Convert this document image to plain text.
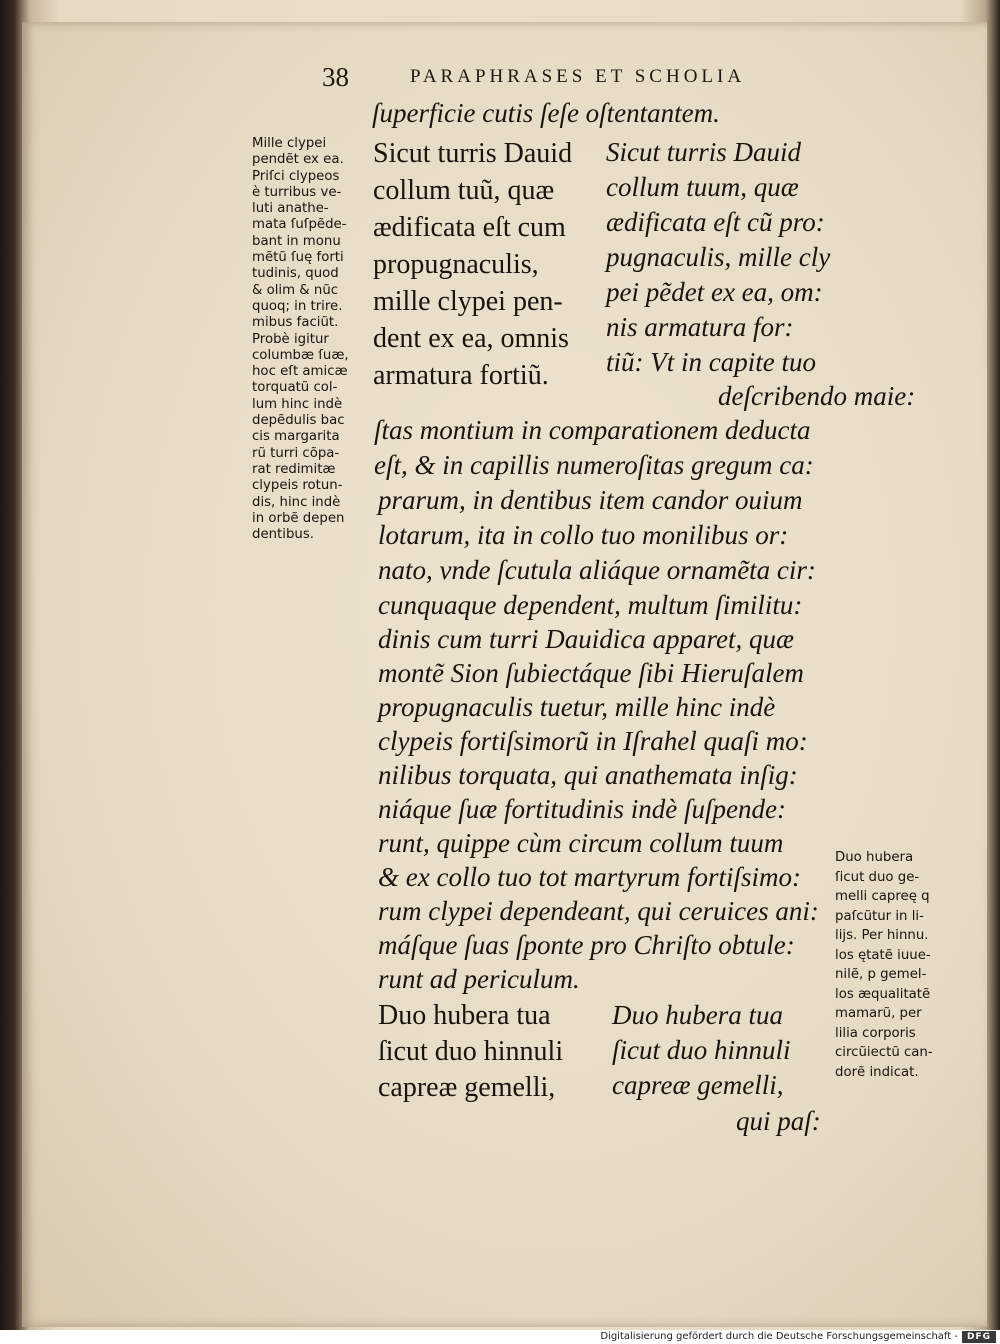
38	PARAPHRASES ET SCHOLIA
ſuperficie cutis ſeſe oſtentantem.
Sicut turris Dauid
collum tuũ, quæ
ædificata eſt cum
propugnaculis,
mille clypei pen-
dent ex ea, omnis
armatura fortiũ.
Sicut turris Dauid
collum tuum, quæ
ædificata eſt cũ pro:
pugnaculis, mille cly
pei pẽdet ex ea, om:
nis armatura for:
tiũ: Vt in capite tuo
deſcribendo maie:
ſtas montium in comparationem deducta
eſt, & in capillis numeroſitas gregum ca:
prarum, in dentibus item candor ouium
lotarum, ita in collo tuo monilibus or:
nato, vnde ſcutula aliáque ornamẽta cir:
cunquaque dependent, multum ſimilitu:
dinis cum turri Dauidica apparet, quæ
montẽ Sion ſubiectáque ſibi Hieruſalem
propugnaculis tuetur, mille hinc indè
clypeis fortiſsimorũ in Iſrahel quaſi mo:
nilibus torquata, qui anathemata inſig:
niáque ſuæ fortitudinis indè ſuſpende:
runt, quippe cùm circum collum tuum
& ex collo tuo tot martyrum fortiſsimo:
rum clypei dependeant, qui ceruices ani:
máſque ſuas ſponte pro Chriſto obtule:
runt ad periculum.
Duo hubera tua
ſicut duo hinnuli
capreæ gemelli,
Duo hubera tua
ſicut duo hinnuli
capreæ gemelli,
qui paſ:
Mille clypei
pendẽt ex ea.
Priſci clypeos
è turribus ve-
luti anathe-
mata ſuſpẽde-
bant in monu
mẽtũ ſuę forti
tudinis, quod
& olim & nũc
quoq; in trire.
mibus faciũt.
Probè igitur
columbæ ſuæ,
hoc eſt amicæ
torquatũ col-
lum hinc indè
depẽdulis bac
cis margarita
rũ turri cõpa-
rat redimitæ
clypeis rotun-
dis, hinc indè
in orbẽ depen
dentibus.
Duo hubera
ſicut duo ge-
melli capreę q
paſcũtur in li-
lijs. Per hinnu.
los ętatẽ iuue-
nilẽ, p gemel-
los æqualitatẽ
mamarũ, per
lilia corporis
circũiectũ can-
dorẽ indicat.
Digitalisierung gefördert durch die Deutsche Forschungsgemeinschaft - DFG
